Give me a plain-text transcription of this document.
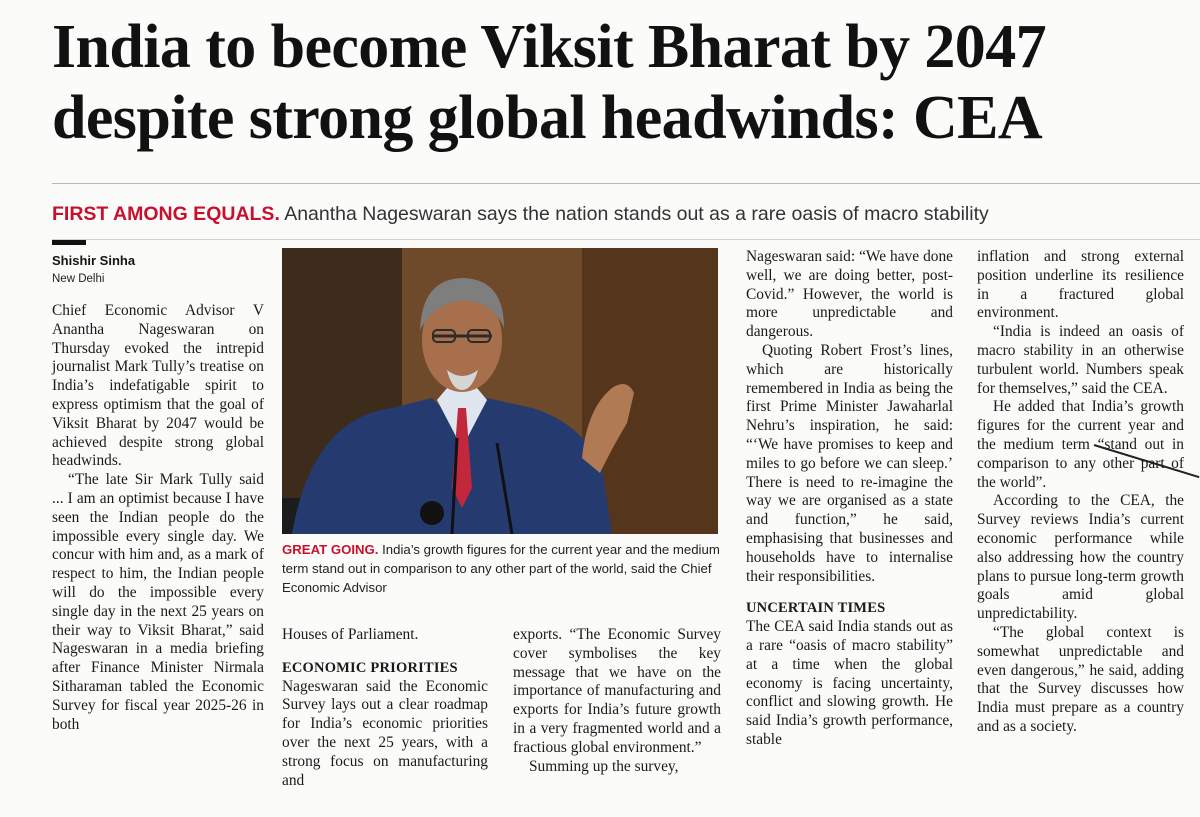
India to become Viksit Bharat by 2047
despite strong global headwinds: CEA
FIRST AMONG EQUALS. Anantha Nageswaran says the nation stands out as a rare oasis of macro stability
Shishir Sinha
New Delhi

Chief Economic Advisor V Anantha Nageswaran on Thursday evoked the intrepid journalist Mark Tully’s treatise on India’s indefatigable spirit to express optimism that the goal of Viksit Bharat by 2047 would be achieved despite strong global headwinds.

“The late Sir Mark Tully said ... I am an optimist because I have seen the Indian people do the impossible every single day. We concur with him and, as a mark of respect to him, the Indian people will do the impossible every single day in the next 25 years on their way to Viksit Bharat,” said Nageswaran in a media briefing after Finance Minister Nirmala Sitharaman tabled the Economic Survey for fiscal year 2025-26 in both

GREAT GOING. India’s growth figures for the current year and the medium term stand out in comparison to any other part of the world, said the Chief Economic Advisor

Houses of Parliament.

ECONOMIC PRIORITIES

Nageswaran said the Economic Survey lays out a clear roadmap for India’s economic priorities over the next 25 years, with a strong focus on manufacturing and

exports. “The Economic Survey cover symbolises the key message that we have on the importance of manufacturing and exports for India’s future growth in a very fragmented world and a fractious global environment.”

Summing up the survey,

Nageswaran said: “We have done well, we are doing better, post-Covid.” However, the world is more unpredictable and dangerous.

Quoting Robert Frost’s lines, which are historically remembered in India as being the first Prime Minister Jawaharlal Nehru’s inspiration, he said: “‘We have promises to keep and miles to go before we can sleep.’ There is need to re-imagine the way we are organised as a state and function,” he said, emphasising that businesses and households have to internalise their responsibilities.

UNCERTAIN TIMES

The CEA said India stands out as a rare “oasis of macro stability” at a time when the global economy is facing uncertainty, conflict and slowing growth. He said India’s growth performance, stable

inflation and strong external position underline its resilience in a fractured global environment.

“India is indeed an oasis of macro stability in an otherwise turbulent world. Numbers speak for themselves,” said the CEA.

He added that India’s growth figures for the current year and the medium term “stand out in comparison to any other part of the world”.

According to the CEA, the Survey reviews India’s current economic performance while also addressing how the country plans to pursue long-term growth goals amid global unpredictability.

“The global context is somewhat unpredictable and even dangerous,” he said, adding that the Survey discusses how India must prepare as a country and as a society.
